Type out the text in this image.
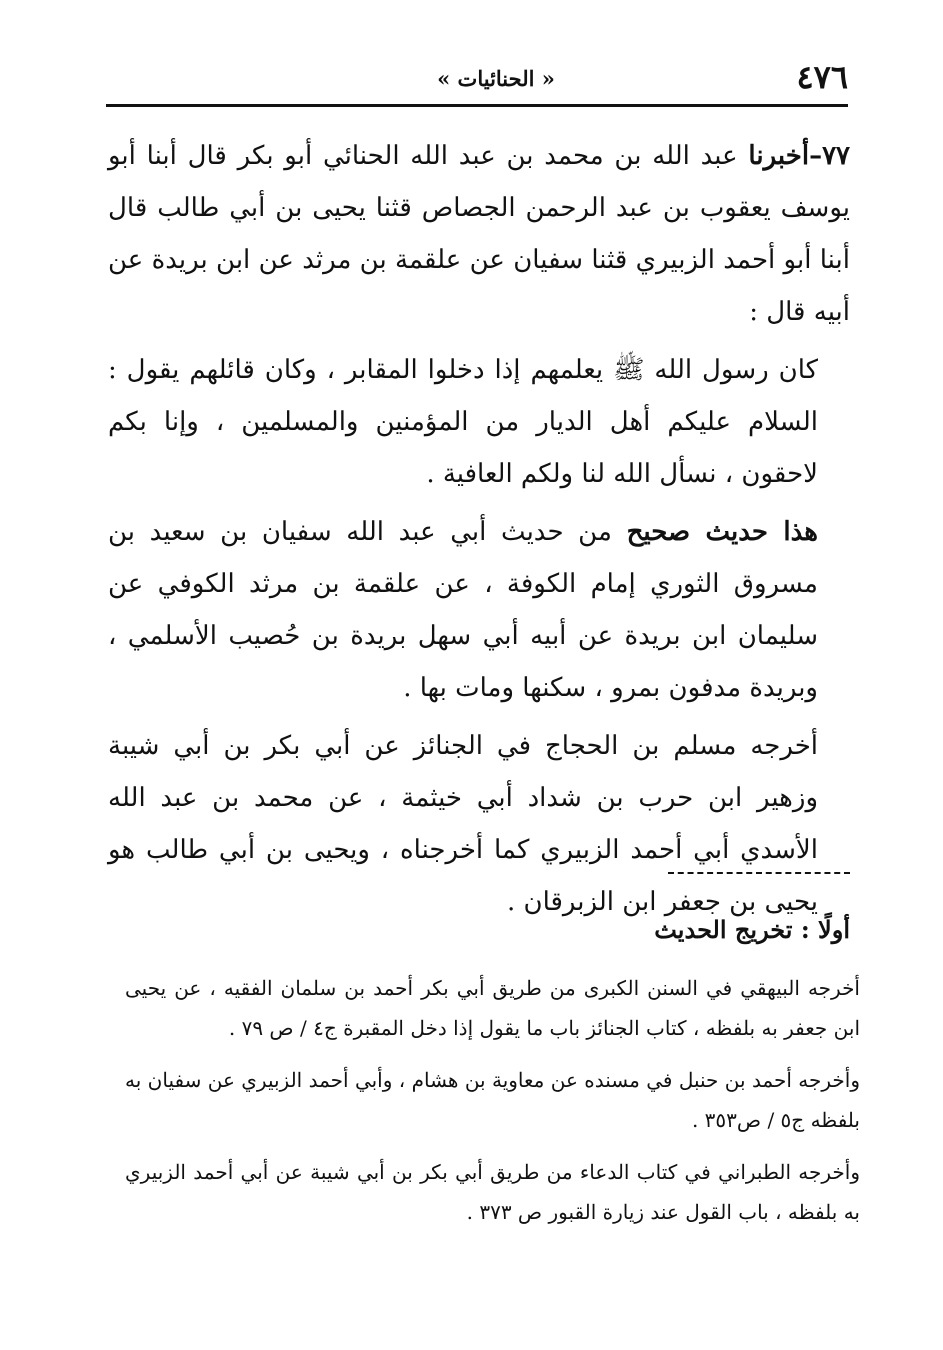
٤٧٦
« الحنائيات »

٧٧–أخبرنا عبد الله بن محمد بن عبد الله الحنائي أبو بكر قال أبنا أبو يوسف يعقوب بن عبد الرحمن الجصاص قثنا يحيى بن أبي طالب قال أبنا أبو أحمد الزبيري قثنا سفيان عن علقمة بن مرثد عن ابن بريدة عن أبيه قال :

كان رسول الله ﷺ يعلمهم إذا دخلوا المقابر ، وكان قائلهم يقول : السلام عليكم أهل الديار من المؤمنين والمسلمين ، وإنا بكم لاحقون ، نسأل الله لنا ولكم العافية .

هذا حديث صحيح من حديث أبي عبد الله سفيان بن سعيد بن مسروق الثوري إمام الكوفة ، عن علقمة بن مرثد الكوفي عن سليمان ابن بريدة عن أبيه أبي سهل بريدة بن حُصيب الأسلمي ، وبريدة مدفون بمرو ، سكنها ومات بها .

أخرجه مسلم بن الحجاج في الجنائز عن أبي بكر بن أبي شيبة وزهير ابن حرب بن شداد أبي خيثمة ، عن محمد بن عبد الله الأسدي أبي أحمد الزبيري كما أخرجناه ، ويحيى بن أبي طالب هو يحيى بن جعفر ابن الزبرقان .

أولًا : تخريج الحديث

أخرجه البيهقي في السنن الكبرى من طريق أبي بكر أحمد بن سلمان الفقيه ، عن يحيى ابن جعفر به بلفظه ، كتاب الجنائز باب ما يقول إذا دخل المقبرة ج٤ / ص ٧٩ .

وأخرجه أحمد بن حنبل في مسنده عن معاوية بن هشام ، وأبي أحمد الزبيري عن سفيان به بلفظه ج٥ / ص٣٥٣ .

وأخرجه الطبراني في كتاب الدعاء من طريق أبي بكر بن أبي شيبة عن أبي أحمد الزبيري به بلفظه ، باب القول عند زيارة القبور ص ٣٧٣ .
